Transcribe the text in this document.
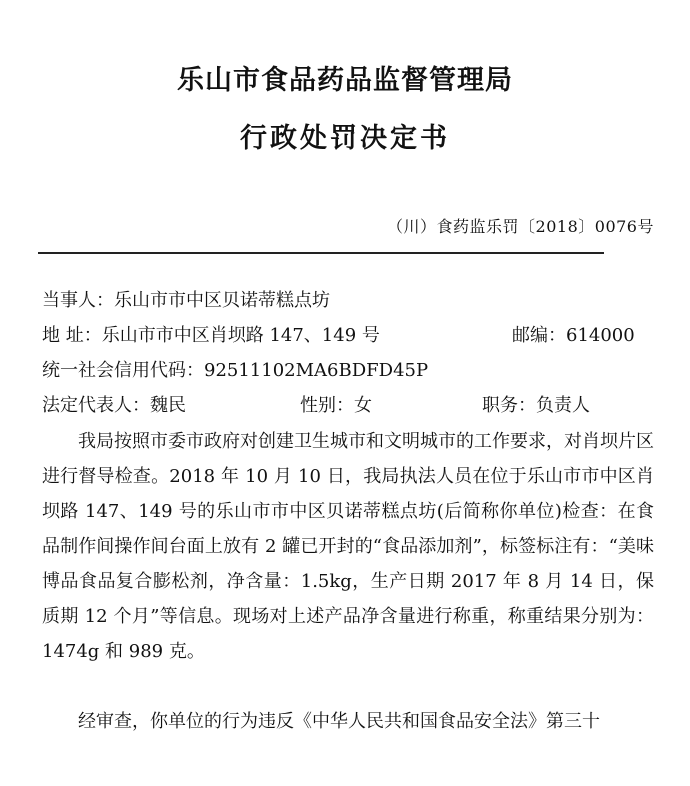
乐山市食品药品监督管理局
行政处罚决定书
（川）食药监乐罚〔2018〕0076号
当事人：乐山市市中区贝诺蒂糕点坊
地 址：乐山市市中区肖坝路 147、149 号	邮编：614000
统一社会信用代码：92511102MA6BDFD45P
法定代表人：魏民	性别：女	职务：负责人

我局按照市委市政府对创建卫生城市和文明城市的工作要求，对肖坝片区进行督导检查。2018 年 10 月 10 日，我局执法人员在位于乐山市市中区肖坝路 147、149 号的乐山市市中区贝诺蒂糕点坊(后简称你单位)检查：在食品制作间操作间台面上放有 2 罐已开封的“食品添加剂”，标签标注有：“美味博品食品复合膨松剂，净含量：1.5kg，生产日期 2017 年 8 月 14 日，保质期 12 个月”等信息。现场对上述产品净含量进行称重，称重结果分别为：1474g 和 989 克。

经审查，你单位的行为违反《中华人民共和国食品安全法》第三十
